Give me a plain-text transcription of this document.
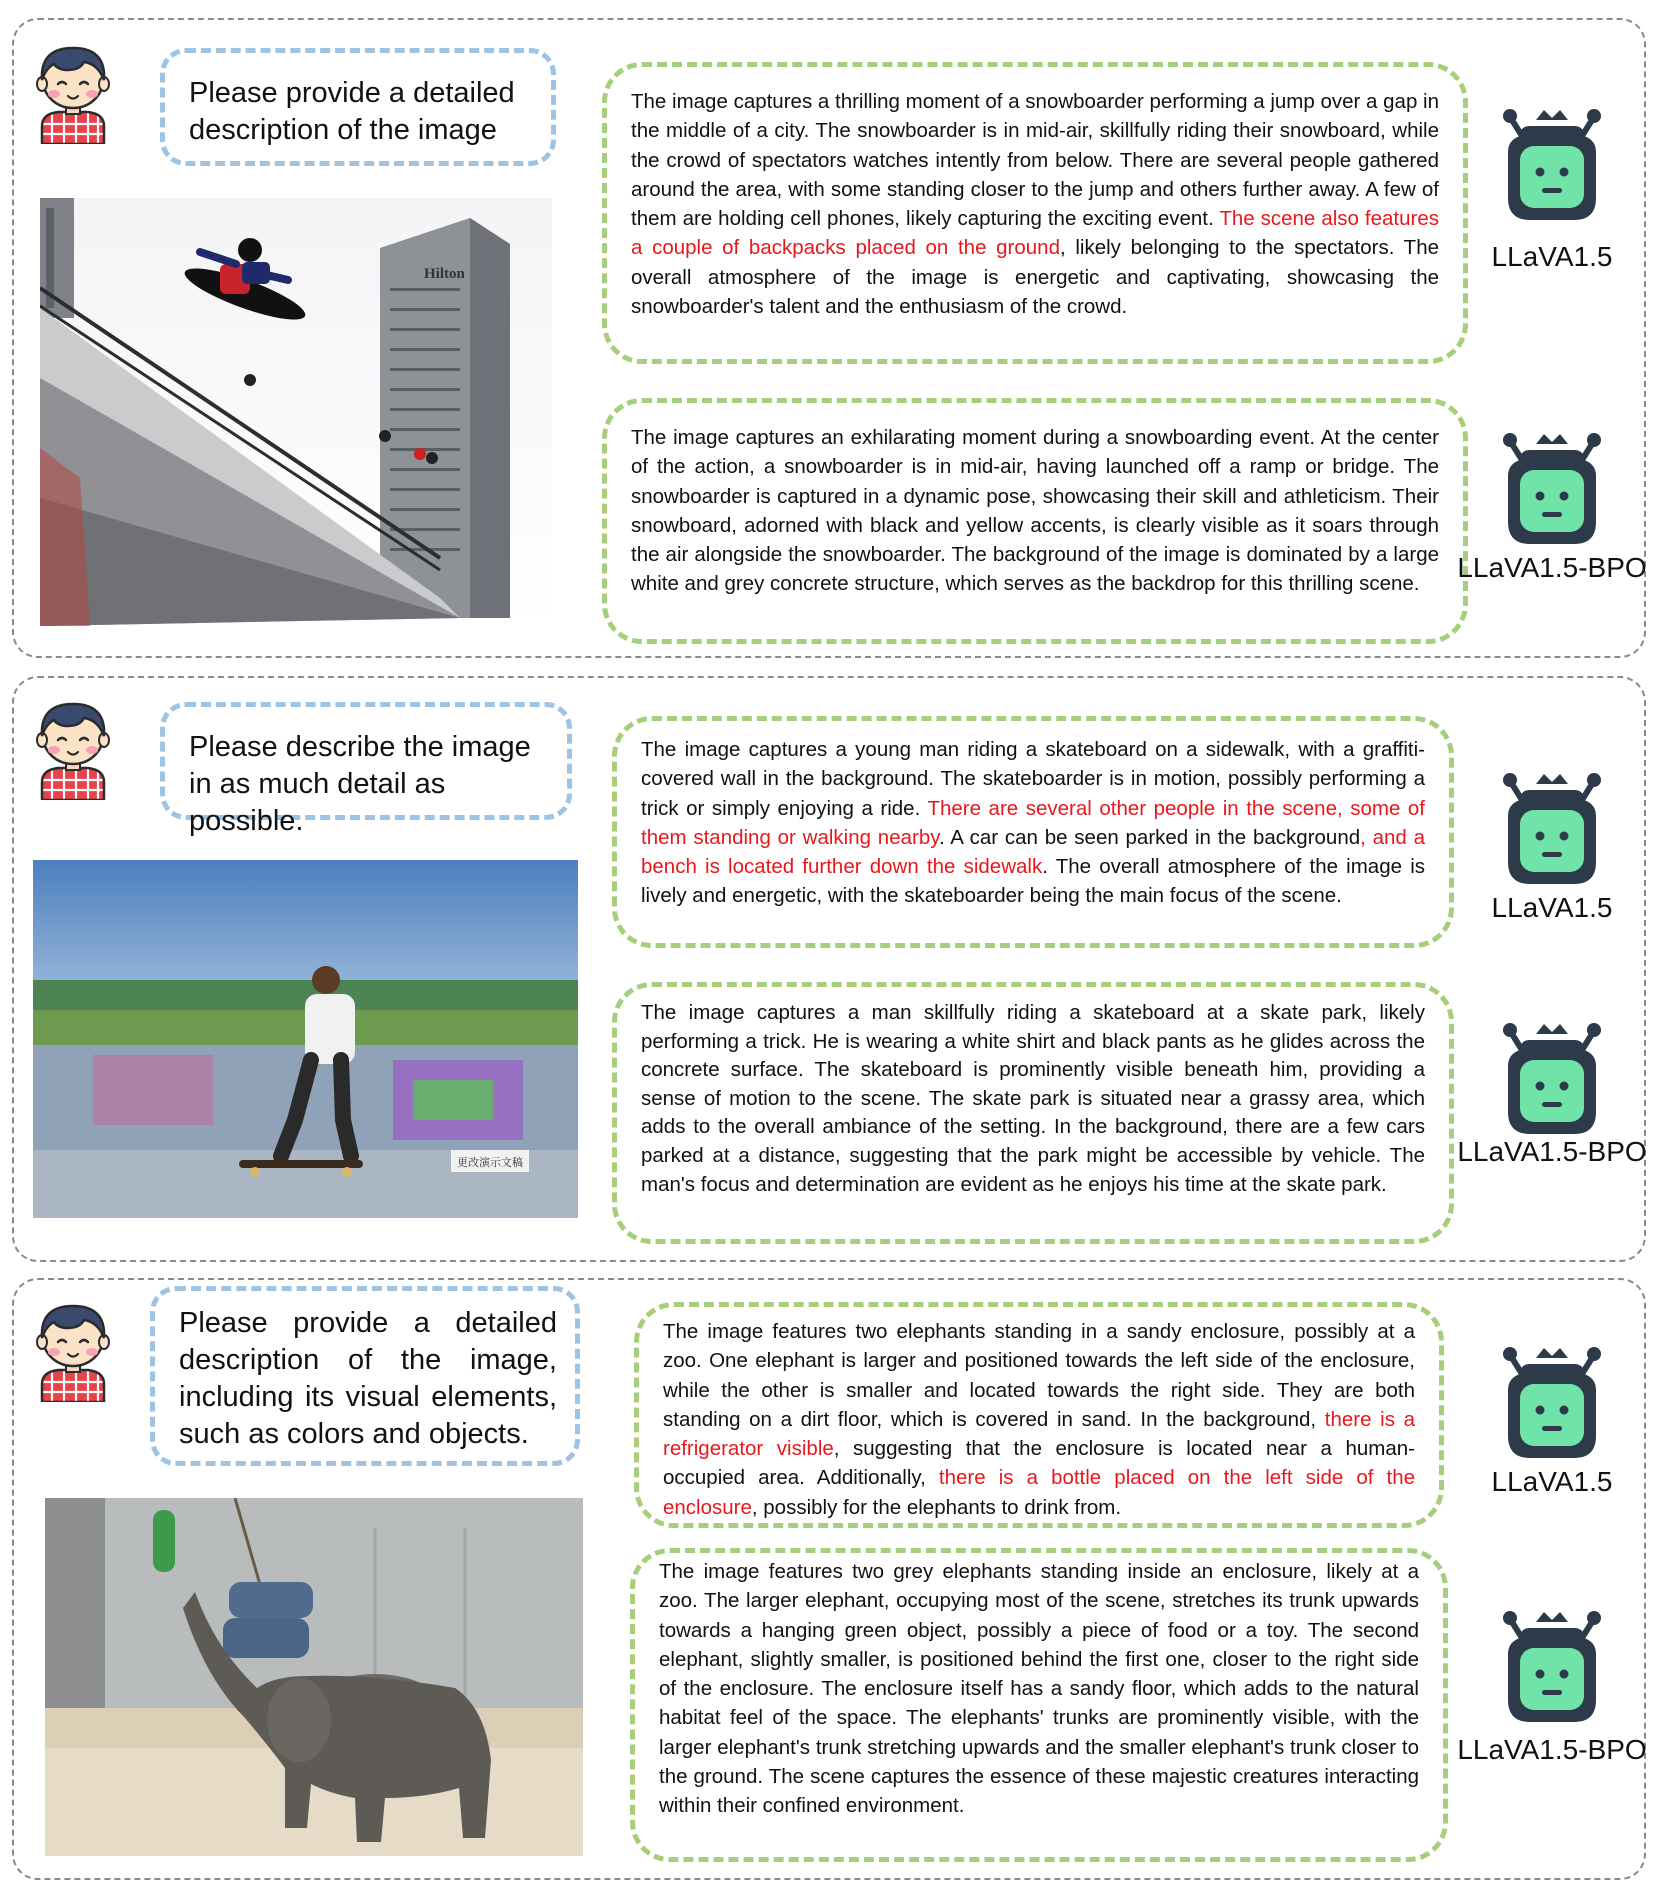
Please provide a detailed description of the image
Hilton
The image captures a thrilling moment of a snowboarder performing a jump over a gap in the middle of a city. The snowboarder is in mid-air, skillfully riding their snowboard, while the crowd of spectators watches intently from below. There are several people gathered around the area, with some standing closer to the jump and others further away. A few of them are holding cell phones, likely capturing the exciting event. The scene also features a couple of backpacks placed on the ground, likely belonging to the spectators. The overall atmosphere of the image is energetic and captivating, showcasing the snowboarder's talent and the enthusiasm of the crowd.
LLaVA1.5
The image captures an exhilarating moment during a snowboarding event. At the center of the action, a snowboarder is in mid-air, having launched off a ramp or bridge. The snowboarder is captured in a dynamic pose, showcasing their skill and athleticism. Their snowboard, adorned with black and yellow accents, is clearly visible as it soars through the air alongside the snowboarder. The background of the image is dominated by a large white and grey concrete structure, which serves as the backdrop for this thrilling scene.
LLaVA1.5-BPO
Please describe the image in as much detail as possible.
更改演示文稿
The image captures a young man riding a skateboard on a sidewalk, with a graffiti-covered wall in the background. The skateboarder is in motion, possibly performing a trick or simply enjoying a ride. There are several other people in the scene, some of them standing or walking nearby. A car can be seen parked in the background, and a bench is located further down the sidewalk. The overall atmosphere of the image is lively and energetic, with the skateboarder being the main focus of the scene.	LLaVA1.5
The image captures a man skillfully riding a skateboard at a skate park, likely performing a trick. He is wearing a white shirt and black pants as he glides across the concrete surface. The skateboard is prominently visible beneath him, providing a sense of motion to the scene. The skate park is situated near a grassy area, which adds to the overall ambiance of the setting. In the background, there are a few cars parked at a distance, suggesting that the park might be accessible by vehicle. The man's focus and determination are evident as he enjoys his time at the skate park.
LLaVA1.5-BPO
Please provide a detailed description of the image, including its visual elements, such as colors and objects.
The image features two elephants standing in a sandy enclosure, possibly at a zoo. One elephant is larger and positioned towards the left side of the enclosure, while the other is smaller and located towards the right side. They are both standing on a dirt floor, which is covered in sand. In the background, there is a refrigerator visible, suggesting that the enclosure is located near a human-occupied area. Additionally, there is a bottle placed on the left side of the enclosure, possibly for the elephants to drink from.
LLaVA1.5
The image features two grey elephants standing inside an enclosure, likely at a zoo. The larger elephant, occupying most of the scene, stretches its trunk upwards towards a hanging green object, possibly a piece of food or a toy. The second elephant, slightly smaller, is positioned behind the first one, closer to the right side of the enclosure. The enclosure itself has a sandy floor, which adds to the natural habitat feel of the space. The elephants' trunks are prominently visible, with the larger elephant's trunk stretching upwards and the smaller elephant's trunk closer to the ground. The scene captures the essence of these majestic creatures interacting within their confined environment.
LLaVA1.5-BPO
